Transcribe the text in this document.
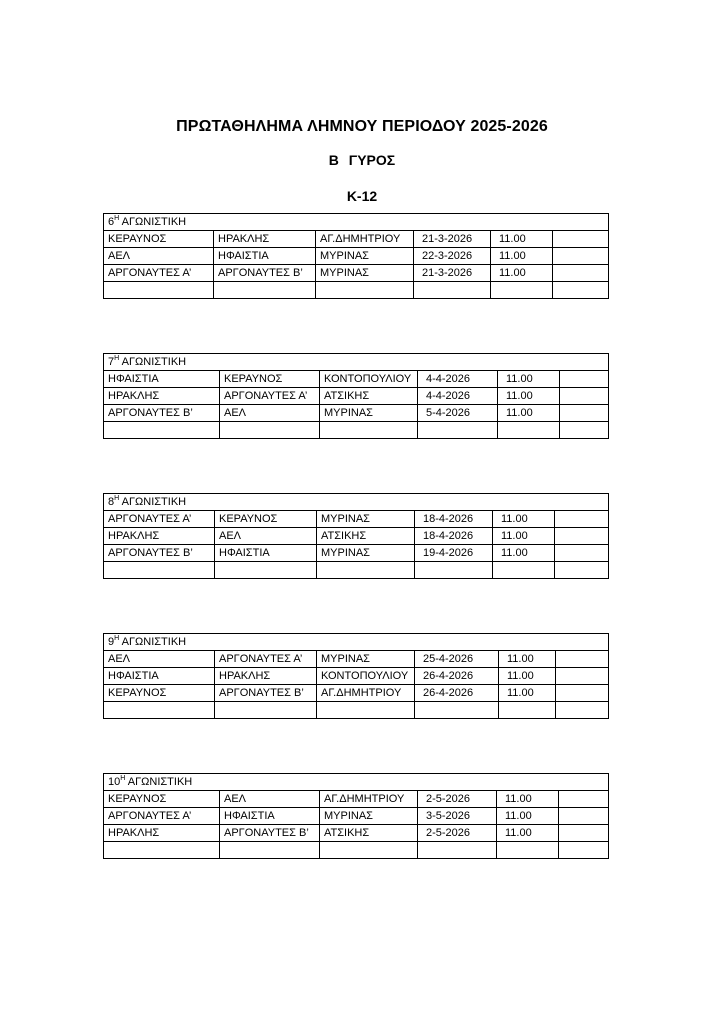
ΠΡΩΤΑΘΗΛΗΜΑ ΛΗΜΝΟΥ ΠΕΡΙΟΔΟΥ 2025-2026
Β ΓΥΡΟΣ
Κ-12
$6^H$ ΑΓΩΝΙΣΤΙΚΗ					
ΚΕΡΑΥΝΟΣ	ΗΡΑΚΛΗΣ	ΑΓ.ΔΗΜΗΤΡΙΟΥ	21-3-2026	11.00	
ΑΕΛ	ΗΦΑΙΣΤΙΑ	ΜΥΡΙΝΑΣ	22-3-2026	11.00	
ΑΡΓΟΝΑΥΤΕΣ Α’	ΑΡΓΟΝΑΥΤΕΣ Β’	ΜΥΡΙΝΑΣ	21-3-2026	11.00	

$7^H$ ΑΓΩΝΙΣΤΙΚΗ					
ΗΦΑΙΣΤΙΑ	ΚΕΡΑΥΝΟΣ	ΚΟΝΤΟΠΟΥΛΙΟΥ	4-4-2026	11.00	
ΗΡΑΚΛΗΣ	ΑΡΓΟΝΑΥΤΕΣ Α’	ΑΤΣΙΚΗΣ	4-4-2026	11.00	
ΑΡΓΟΝΑΥΤΕΣ Β’	ΑΕΛ	ΜΥΡΙΝΑΣ	5-4-2026	11.00	

$8^H$ ΑΓΩΝΙΣΤΙΚΗ					
ΑΡΓΟΝΑΥΤΕΣ Α’	ΚΕΡΑΥΝΟΣ	ΜΥΡΙΝΑΣ	18-4-2026	11.00	
ΗΡΑΚΛΗΣ	ΑΕΛ	ΑΤΣΙΚΗΣ	18-4-2026	11.00	
ΑΡΓΟΝΑΥΤΕΣ Β’	ΗΦΑΙΣΤΙΑ	ΜΥΡΙΝΑΣ	19-4-2026	11.00	

$9^H$ ΑΓΩΝΙΣΤΙΚΗ					
ΑΕΛ	ΑΡΓΟΝΑΥΤΕΣ Α’	ΜΥΡΙΝΑΣ	25-4-2026	11.00	
ΗΦΑΙΣΤΙΑ	ΗΡΑΚΛΗΣ	ΚΟΝΤΟΠΟΥΛΙΟΥ	26-4-2026	11.00	
ΚΕΡΑΥΝΟΣ	ΑΡΓΟΝΑΥΤΕΣ Β’	ΑΓ.ΔΗΜΗΤΡΙΟΥ	26-4-2026	11.00	

$10^H$ ΑΓΩΝΙΣΤΙΚΗ					
ΚΕΡΑΥΝΟΣ	ΑΕΛ	ΑΓ.ΔΗΜΗΤΡΙΟΥ	2-5-2026	11.00	
ΑΡΓΟΝΑΥΤΕΣ Α’	ΗΦΑΙΣΤΙΑ	ΜΥΡΙΝΑΣ	3-5-2026	11.00	
ΗΡΑΚΛΗΣ	ΑΡΓΟΝΑΥΤΕΣ Β’	ΑΤΣΙΚΗΣ	2-5-2026	11.00	
